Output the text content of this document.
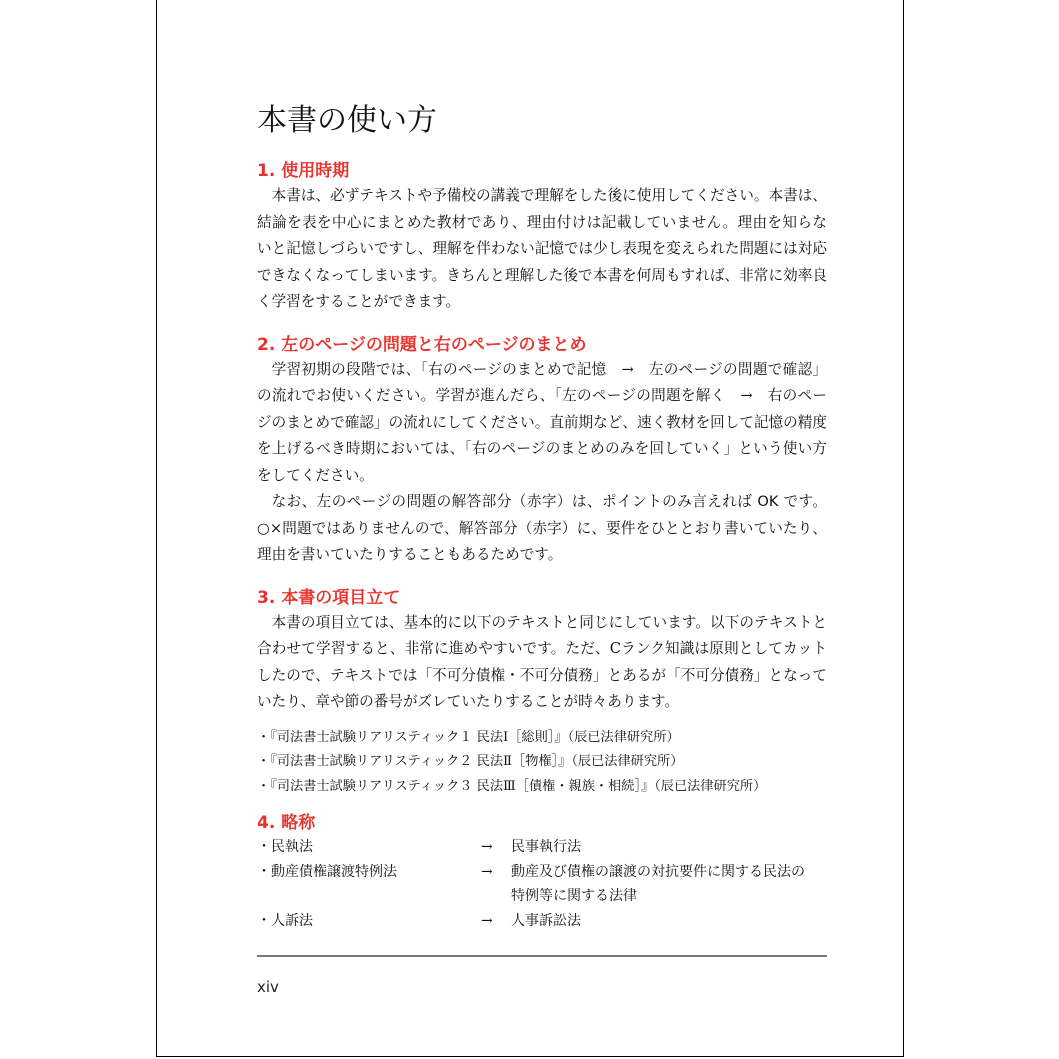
本書の使い方
1. 使用時期

本書は、必ずテキストや予備校の講義で理解をした後に使用してください。本書は、結論を表を中心にまとめた教材であり、理由付けは記載していません。理由を知らないと記憶しづらいですし、理解を伴わない記憶では少し表現を変えられた問題には対応できなくなってしまいます。きちんと理解した後で本書を何周もすれば、非常に効率良く学習をすることができます。

2. 左のページの問題と右のページのまとめ

学習初期の段階では、「右のページのまとめで記憶　→　左のページの問題で確認」の流れでお使いください。学習が進んだら、「左のページの問題を解く　→　右のページのまとめで確認」の流れにしてください。直前期など、速く教材を回して記憶の精度を上げるべき時期においては、「右のページのまとめのみを回していく」という使い方をしてください。

なお、左のページの問題の解答部分（赤字）は、ポイントのみ言えれば OK です。○×問題ではありませんので、解答部分（赤字）に、要件をひととおり書いていたり、理由を書いていたりすることもあるためです。

3. 本書の項目立て

本書の項目立ては、基本的に以下のテキストと同じにしています。以下のテキストと合わせて学習すると、非常に進めやすいです。ただ、Cランク知識は原則としてカットしたので、テキストでは「不可分債権・不可分債務」とあるが「不可分債務」となっていたり、章や節の番号がズレていたりすることが時々あります。

・『司法書士試験リアリスティック１ 民法Ⅰ［総則］』（辰已法律研究所）
・『司法書士試験リアリスティック２ 民法Ⅱ［物権］』（辰已法律研究所）
・『司法書士試験リアリスティック３ 民法Ⅲ［債権・親族・相続］』（辰已法律研究所）
4. 略称
・民執法	→	民事執行法
・動産債権譲渡特例法	→	動産及び債権の譲渡の対抗要件に関する民法の特例等に関する法律
・人訴法	→	人事訴訟法
xiv
